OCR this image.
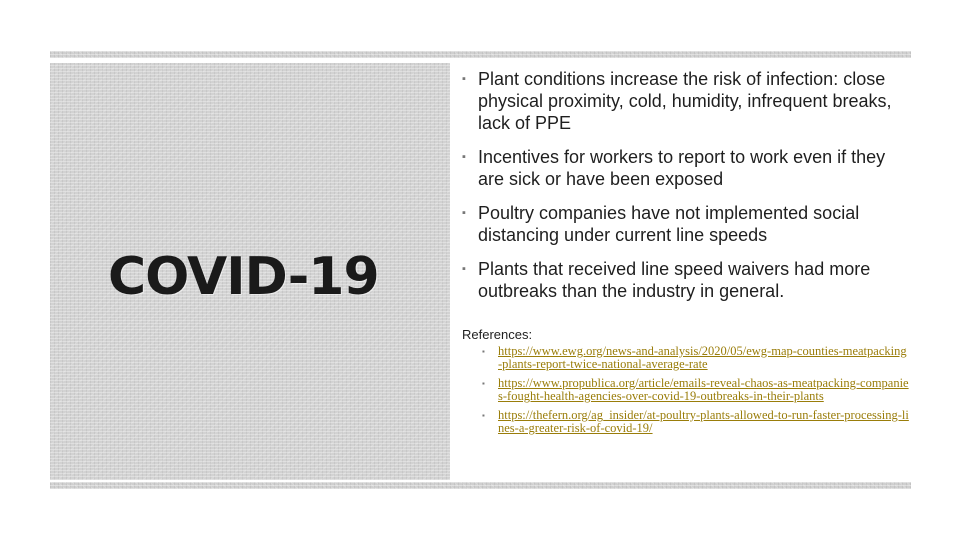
COVID-19
▪ Plant conditions increase the risk of infection: close physical proximity, cold, humidity, infrequent breaks, lack of PPE
▪ Incentives for workers to report to work even if they are sick or have been exposed
▪ Poultry companies have not implemented social distancing under current line speeds
▪ Plants that received line speed waivers had more outbreaks than the industry in general.
References:
▪ https://www.ewg.org/news-and-analysis/2020/05/ewg-map-counties-meatpacking-plants-report-twice-national-average-rate
▪ https://www.propublica.org/article/emails-reveal-chaos-as-meatpacking-companies-fought-health-agencies-over-covid-19-outbreaks-in-their-plants
▪ https://thefern.org/ag_insider/at-poultry-plants-allowed-to-run-faster-processing-lines-a-greater-risk-of-covid-19/
